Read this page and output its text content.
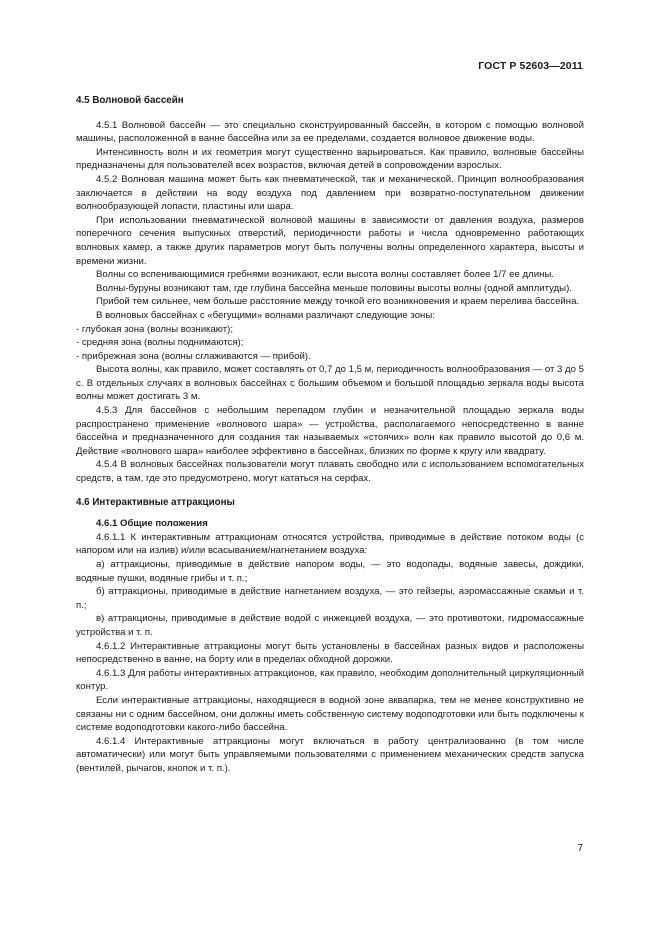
ГОСТ Р 52603—2011
4.5 Волновой бассейн

4.5.1 Волновой бассейн — это специально сконструированный бассейн, в котором с помощью волновой машины, расположенной в ванне бассейна или за ее пределами, создается волновое движение воды.

Интенсивность волн и их геометрия могут существенно варьироваться. Как правило, волновые бассейны предназначены для пользователей всех возрастов, включая детей в сопровождении взрослых.

4.5.2 Волновая машина может быть как пневматической, так и механической. Принцип волнообразования заключается в действии на воду воздуха под давлением при возвратно-поступательном движении волнообразующей лопасти, пластины или шара.

При использовании пневматической волновой машины в зависимости от давления воздуха, размеров поперечного сечения выпускных отверстий, периодичности работы и числа одновременно работающих волновых камер, а также других параметров могут быть получены волны определенного характера, высоты и времени жизни.

Волны со вспенивающимися гребнями возникают, если высота волны составляет более 1/7 ее длины.

Волны-буруны возникают там, где глубина бассейна меньше половины высоты волны (одной амплитуды).

Прибой тем сильнее, чем больше расстояние между точкой его возникновения и краем перелива бассейна.

В волновых бассейнах с «бегущими» волнами различают следующие зоны:

- глубокая зона (волны возникают);

- средняя зона (волны поднимаются);

- прибрежная зона (волны сглаживаются — прибой).

Высота волны, как правило, может составлять от 0,7 до 1,5 м, периодичность волнообразования — от 3 до 5 с. В отдельных случаях в волновых бассейнах с большим объемом и большой площадью зеркала воды высота волны может достигать 3 м.

4.5.3 Для бассейнов с небольшим перепадом глубин и незначительной площадью зеркала воды распространено применение «волнового шара» — устройства, располагаемого непосредственно в ванне бассейна и предназначенного для создания так называемых «стоячих» волн как правило высотой до 0,6 м. Действие «волнового шара» наиболее эффективно в бассейнах, близких по форме к кругу или квадрату.

4.5.4 В волновых бассейнах пользователи могут плавать свободно или с использованием вспомогательных средств, а там, где это предусмотрено, могут кататься на серфах.

4.6 Интерактивные аттракционы
4.6.1 Общие положения

4.6.1.1 К интерактивным аттракционам относятся устройства, приводимые в действие потоком воды (с напором или на излив) и/или всасыванием/нагнетанием воздуха:

а) аттракционы, приводимые в действие напором воды, — это водопады, водяные завесы, дождики, водяные пушки, водяные грибы и т. п.;

б) аттракционы, приводимые в действие нагнетанием воздуха, — это гейзеры, аэромассажные скамьи и т. п.;

в) аттракционы, приводимые в действие водой с инжекцией воздуха, — это противотоки, гидромассажные устройства и т. п.

4.6.1.2 Интерактивные аттракционы могут быть установлены в бассейнах разных видов и расположены непосредственно в ванне, на борту или в пределах обходной дорожки.

4.6.1.3 Для работы интерактивных аттракционов, как правило, необходим дополнительный циркуляционный контур.

Если интерактивные аттракционы, находящиеся в водной зоне аквапарка, тем не менее конструктивно не связаны ни с одним бассейном, они должны иметь собственную систему водоподготовки или быть подключены к системе водоподготовки какого-либо бассейна.

4.6.1.4 Интерактивные аттракционы могут включаться в работу централизованно (в том числе автоматически) или могут быть управляемыми пользователями с применением механических средств запуска (вентилей, рычагов, кнопок и т. п.).

7
